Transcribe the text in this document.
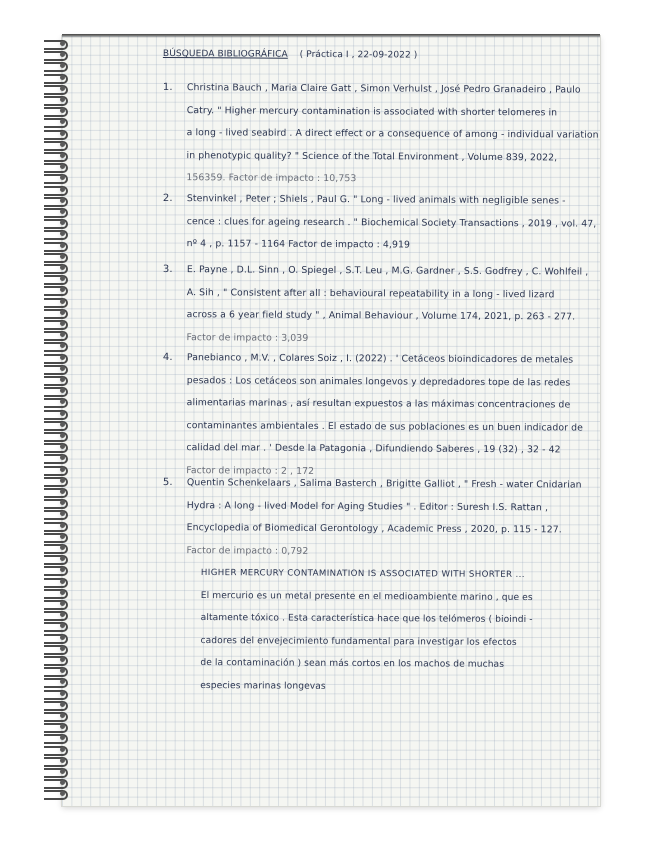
BÚSQUEDA BIBLIOGRÁFICA ( Práctica I , 22-09-2022 )
1. Christina Bauch , Maria Claire Gatt , Simon Verhulst , José Pedro Granadeiro , Paulo
Catry. " Higher mercury contamination is associated with shorter telomeres in
a long - lived seabird . A direct effect or a consequence of among - individual variation
in phenotypic quality? " Science of the Total Environment , Volume 839, 2022,
156359. Factor de impacto : 10,753
2. Stenvinkel , Peter ; Shiels , Paul G. " Long - lived animals with negligible senes -
cence : clues for ageing research . " Biochemical Society Transactions , 2019 , vol. 47,
nº 4 , p. 1157 - 1164 Factor de impacto : 4,919
3. E. Payne , D.L. Sinn , O. Spiegel , S.T. Leu , M.G. Gardner , S.S. Godfrey , C. Wohlfeil ,
A. Sih , " Consistent after all : behavioural repeatability in a long - lived lizard
across a 6 year field study " , Animal Behaviour , Volume 174, 2021, p. 263 - 277.
Factor de impacto : 3,039
4. Panebianco , M.V. , Colares Soiz , I. (2022) . ' Cetáceos bioindicadores de metales
pesados : Los cetáceos son animales longevos y depredadores tope de las redes
alimentarias marinas , así resultan expuestos a las máximas concentraciones de
contaminantes ambientales . El estado de sus poblaciones es un buen indicador de
calidad del mar . ' Desde la Patagonia , Difundiendo Saberes , 19 (32) , 32 - 42
Factor de impacto : 2 , 172
5. Quentin Schenkelaars , Salima Basterch , Brigitte Galliot , " Fresh - water Cnidarian
Hydra : A long - lived Model for Aging Studies " . Editor : Suresh I.S. Rattan ,
Encyclopedia of Biomedical Gerontology , Academic Press , 2020, p. 115 - 127.
Factor de impacto : 0,792
HIGHER MERCURY CONTAMINATION IS ASSOCIATED WITH SHORTER ...
El mercurio es un metal presente en el medioambiente marino , que es
altamente tóxico . Esta característica hace que los telómeros ( bioindi -
cadores del envejecimiento fundamental para investigar los efectos
de la contaminación ) sean más cortos en los machos de muchas
especies marinas longevas
